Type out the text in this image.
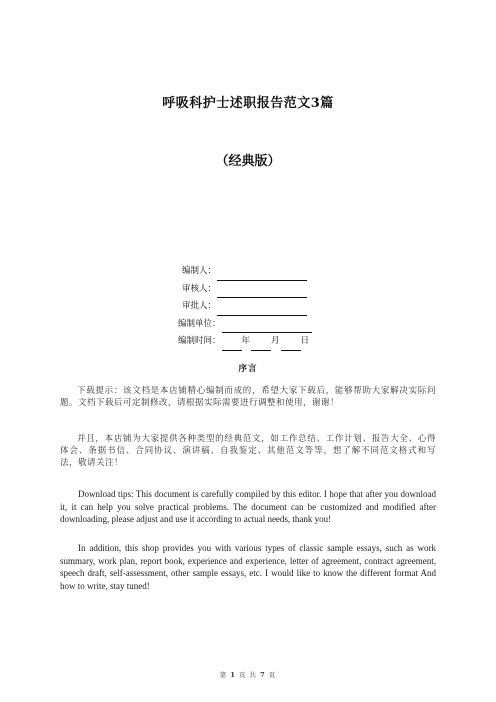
呼吸科护士述职报告范文3篇
（经典版）
编制人：
审核人：
审批人：
编制单位：
编制时间： 年 月 日
序言
下载提示：该文档是本店铺精心编制而成的，希望大家下载后，能够帮助大家解决实际问题。文档下载后可定制修改，请根据实际需要进行调整和使用，谢谢！
并且，本店铺为大家提供各种类型的经典范文，如工作总结、工作计划、报告大全、心得体会、条据书信、合同协议、演讲稿、自我鉴定、其他范文等等，想了解不同范文格式和写法，敬请关注！
Download tips: This document is carefully compiled by this editor. I hope that after you download it, it can help you solve practical problems. The document can be customized and modified after downloading, please adjust and use it according to actual needs, thank you!
In addition, this shop provides you with various types of classic sample essays, such as work summary, work plan, report book, experience and experience, letter of agreement, contract agreement, speech draft, self-assessment, other sample essays, etc. I would like to know the different format And how to write, stay tuned!
第 1 页 共 7 页
